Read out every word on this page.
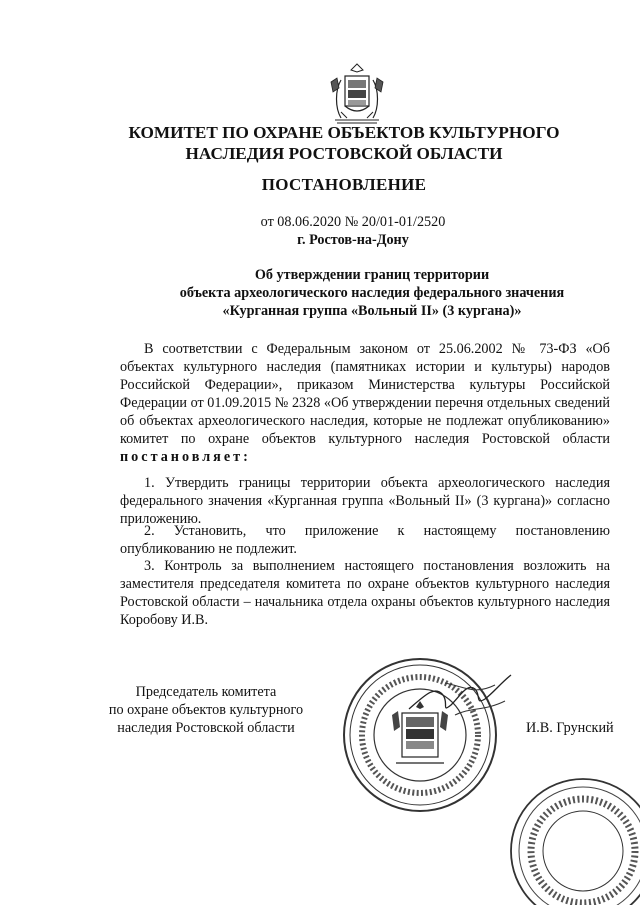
КОМИТЕТ ПО ОХРАНЕ ОБЪЕКТОВ КУЛЬТУРНОГО
НАСЛЕДИЯ РОСТОВСКОЙ ОБЛАСТИ
ПОСТАНОВЛЕНИЕ
от 08.06.2020 № 20/01-01/2520
г. Ростов-на-Дону
Об утверждении границ территории
объекта археологического наследия федерального значения
«Курганная группа «Вольный II» (3 кургана)»
В соответствии с Федеральным законом от 25.06.2002 № 73-ФЗ «Об объектах культурного наследия (памятниках истории и культуры) народов Российской Федерации», приказом Министерства культуры Российской Федерации от 01.09.2015 № 2328 «Об утверждении перечня отдельных сведений об объектах археологического наследия, которые не подлежат опубликованию» комитет по охране объектов культурного наследия Ростовской области постановляет:
1. Утвердить границы территории объекта археологического наследия федерального значения «Курганная группа «Вольный II» (3 кургана)» согласно приложению.
2. Установить, что приложение к настоящему постановлению опубликованию не подлежит.
3. Контроль за выполнением настоящего постановления возложить на заместителя председателя комитета по охране объектов культурного наследия Ростовской области – начальника отдела охраны объектов культурного наследия Коробову И.В.
Председатель комитета
по охране объектов культурного
наследия Ростовской области	И.В. Грунский
